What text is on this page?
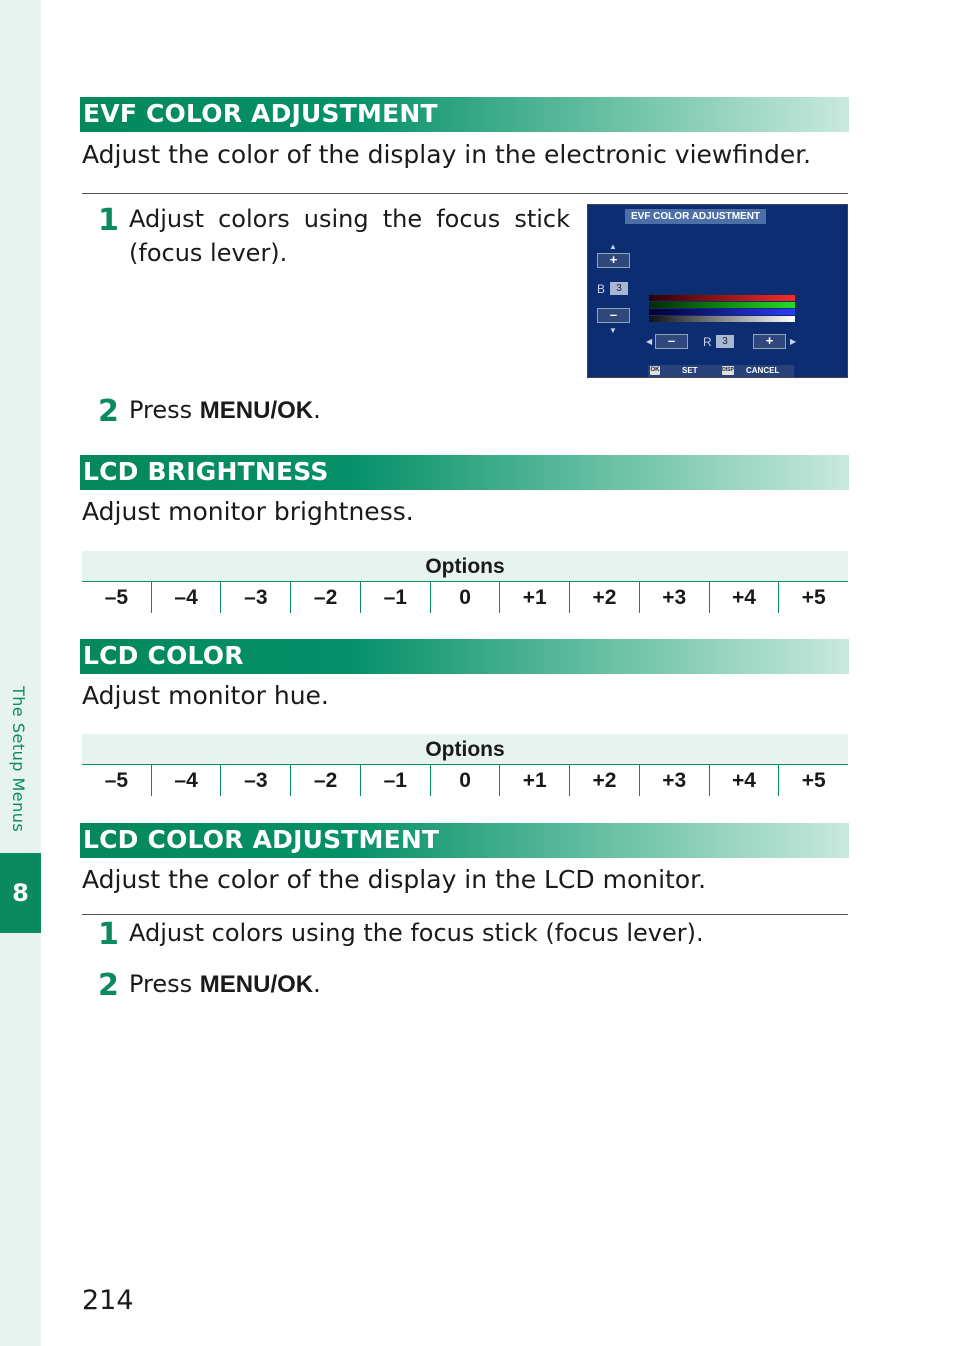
The Setup Menus
8
EVF COLOR ADJUSTMENT
Adjust the color of the display in the electronic viewfinder.
1 Adjust colors using the focus stick (focus lever).
EVF COLOR ADJUSTMENT
▲
+
B	3
–
▼
◀	–	R	3	+	▶
OK	SET	DISP CANCEL
2 Press MENU/OK.
LCD BRIGHTNESS
Adjust monitor brightness.
Options
–5	–4	–3	–2	–1	0	+1	+2	+3	+4	+5
LCD COLOR
Adjust monitor hue.
Options
–5	–4	–3	–2	–1	0	+1	+2	+3	+4	+5
LCD COLOR ADJUSTMENT
Adjust the color of the display in the LCD monitor.
1 Adjust colors using the focus stick (focus lever).
2 Press MENU/OK.
214
